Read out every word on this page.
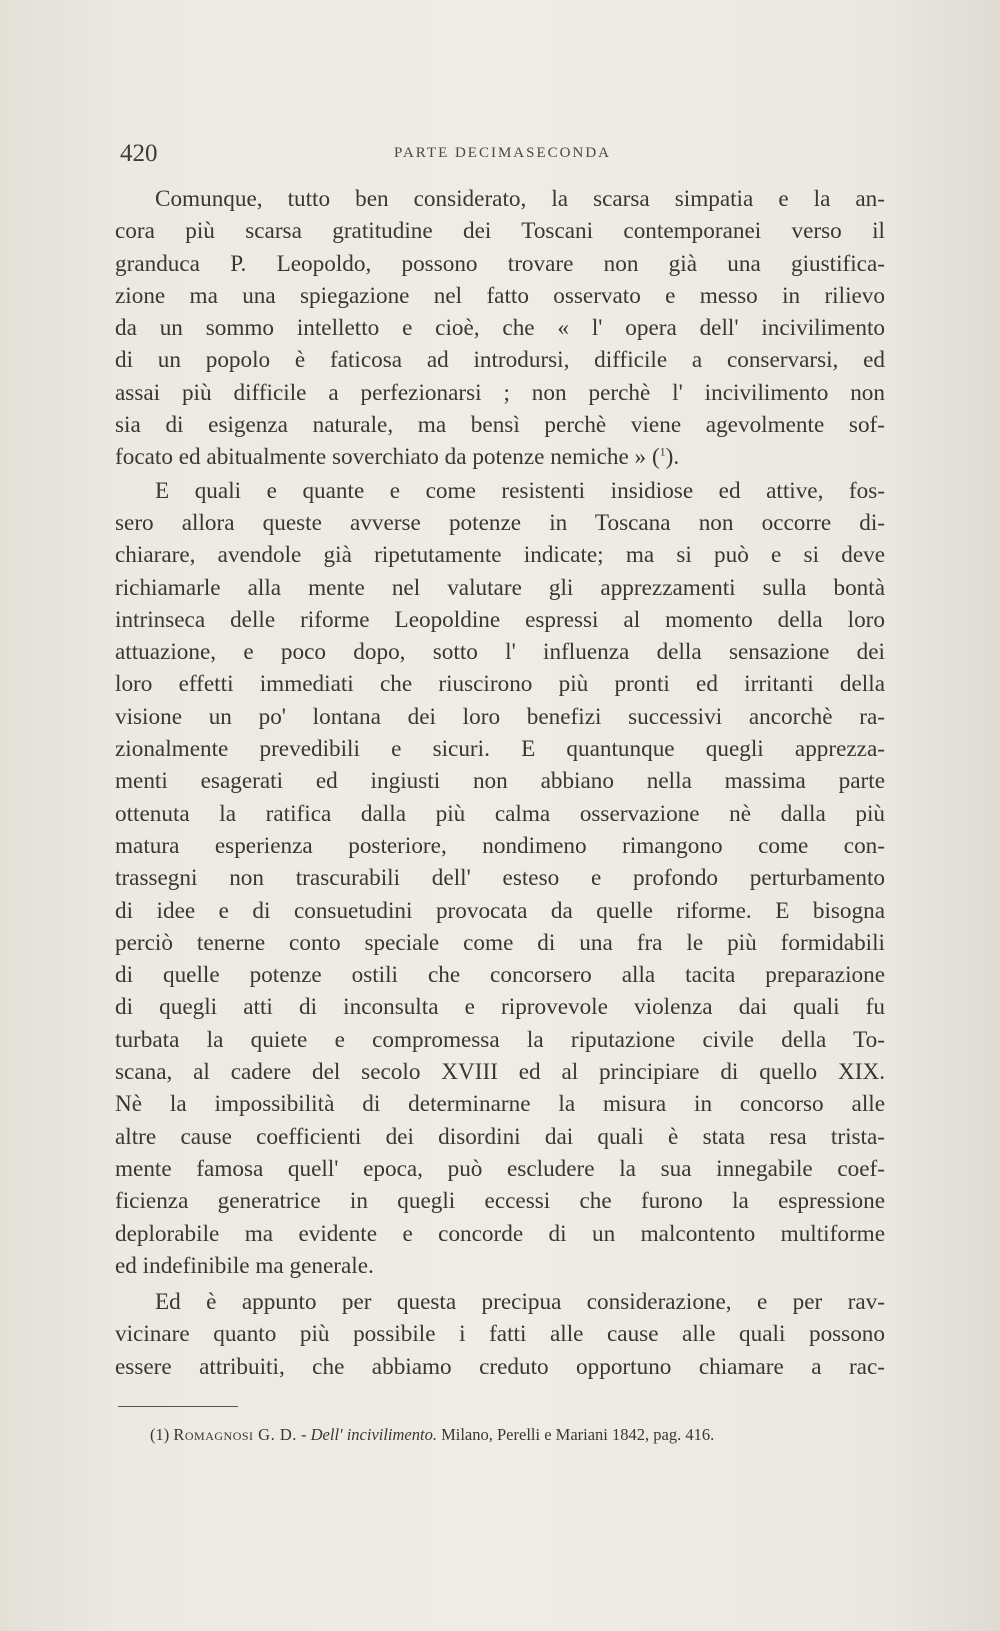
420	PARTE DECIMASECONDA
Comunque, tutto ben considerato, la scarsa simpatia e la an-
cora più scarsa gratitudine dei Toscani contemporanei verso il
granduca P. Leopoldo, possono trovare non già una giustifica-
zione ma una spiegazione nel fatto osservato e messo in rilievo
da un sommo intelletto e cioè, che « l' opera dell' incivilimento
di un popolo è faticosa ad introdursi, difficile a conservarsi, ed
assai più difficile a perfezionarsi ; non perchè l' incivilimento non
sia di esigenza naturale, ma bensì perchè viene agevolmente sof-
focato ed abitualmente soverchiato da potenze nemiche » ($^1$).
E quali e quante e come resistenti insidiose ed attive, fos-
sero allora queste avverse potenze in Toscana non occorre di-
chiarare, avendole già ripetutamente indicate; ma si può e si deve
richiamarle alla mente nel valutare gli apprezzamenti sulla bontà
intrinseca delle riforme Leopoldine espressi al momento della loro
attuazione, e poco dopo, sotto l' influenza della sensazione dei
loro effetti immediati che riuscirono più pronti ed irritanti della
visione un po' lontana dei loro benefizi successivi ancorchè ra-
zionalmente prevedibili e sicuri. E quantunque quegli apprezza-
menti esagerati ed ingiusti non abbiano nella massima parte
ottenuta la ratifica dalla più calma osservazione nè dalla più
matura esperienza posteriore, nondimeno rimangono come con-
trassegni non trascurabili dell' esteso e profondo perturbamento
di idee e di consuetudini provocata da quelle riforme. E bisogna
perciò tenerne conto speciale come di una fra le più formidabili
di quelle potenze ostili che concorsero alla tacita preparazione
di quegli atti di inconsulta e riprovevole violenza dai quali fu
turbata la quiete e compromessa la riputazione civile della To-
scana, al cadere del secolo XVIII ed al principiare di quello XIX.
Nè la impossibilità di determinarne la misura in concorso alle
altre cause coefficienti dei disordini dai quali è stata resa trista-
mente famosa quell' epoca, può escludere la sua innegabile coef-
ficienza generatrice in quegli eccessi che furono la espressione
deplorabile ma evidente e concorde di un malcontento multiforme
ed indefinibile ma generale.
Ed è appunto per questa precipua considerazione, e per rav-
vicinare quanto più possibile i fatti alle cause alle quali possono
essere attribuiti, che abbiamo creduto opportuno chiamare a rac-
(1) Romagnosi G. D. - Dell' incivilimento. Milano, Perelli e Mariani 1842, pag. 416.
